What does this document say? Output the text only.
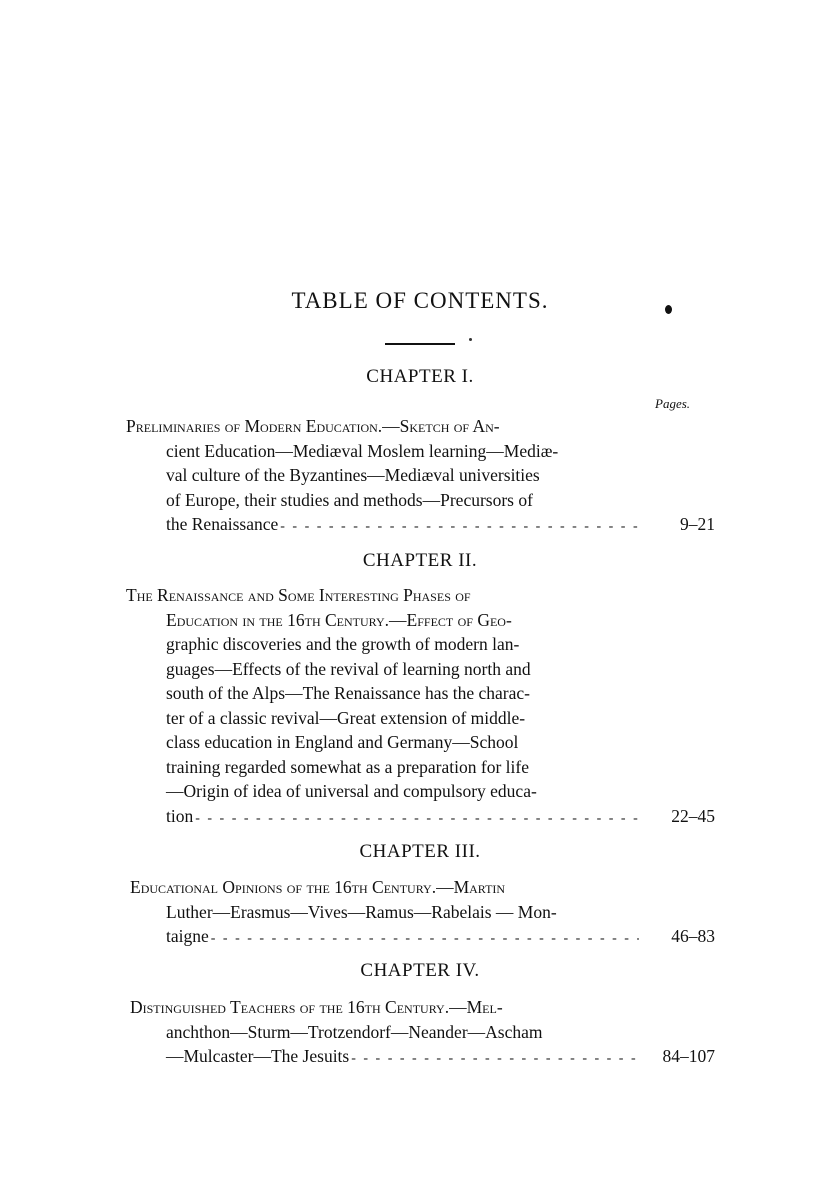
TABLE OF CONTENTS.
CHAPTER I.
Pages.
Preliminaries of Modern Education.—Sketch of An-
cient Education—Mediæval Moslem learning—Mediæ-
val culture of the Byzantines—Mediæval universities
of Europe, their studies and methods—Precursors of
the Renaissance - - -	9–21
CHAPTER II.
The Renaissance and Some Interesting Phases of
Education in the 16th Century.—Effect of Geo-
graphic discoveries and the growth of modern lan-
guages—Effects of the revival of learning north and
south of the Alps—The Renaissance has the charac-
ter of a classic revival—Great extension of middle-
class education in England and Germany—School
training regarded somewhat as a preparation for life
—Origin of idea of universal and compulsory educa-
tion - - -	22–45
CHAPTER III.
Educational Opinions of the 16th Century.—Martin
Luther—Erasmus—Vives—Ramus—Rabelais — Mon-
taigne - - -	46–83
CHAPTER IV.
Distinguished Teachers of the 16th Century.—Mel-
anchthon—Sturm—Trotzendorf—Neander—Ascham
—Mulcaster—The Jesuits - - -	84–107
